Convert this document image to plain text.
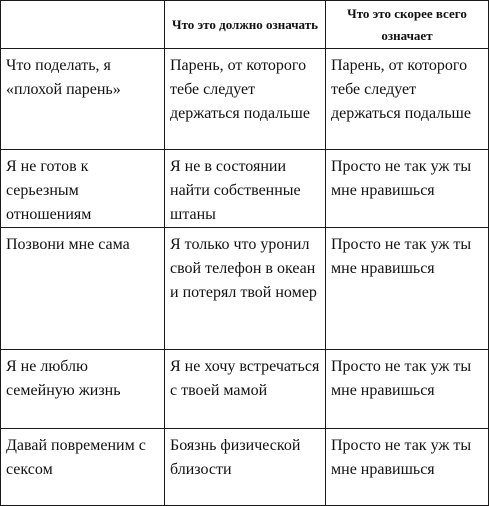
	Что это должно означать	Что это скорее всего означает
Что поделать, я «плохой парень»	Парень, от которого тебе следует держаться подальше	Парень, от которого тебе следует держаться подальше
Я не готов к серьезным отношениям	Я не в состоянии найти собственные штаны	Просто не так уж ты мне нравишься
Позвони мне сама	Я только что уронил свой телефон в океан и потерял твой номер	Просто не так уж ты мне нравишься
Я не люблю семейную жизнь	Я не хочу встречаться с твоей мамой	Просто не так уж ты мне нравишься
Давай повременим с сексом	Боязнь физической близости	Просто не так уж ты мне нравишься
